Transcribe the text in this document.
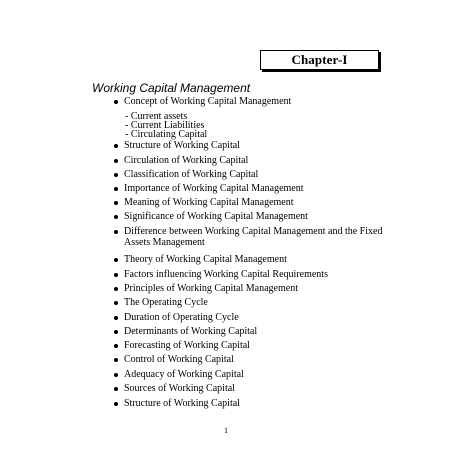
Chapter-I
Working Capital Management
Concept of Working Capital Management
- Current assets
- Current Liabilities
- Circulating Capital
Structure of Working Capital
Circulation of Working Capital
Classification of Working Capital
Importance of Working Capital Management
Meaning of Working Capital Management
Significance of Working Capital Management
Difference between Working Capital Management and the Fixed Assets Management
Theory of Working Capital Management
Factors influencing Working Capital Requirements
Principles of Working Capital Management
The Operating Cycle
Duration of Operating Cycle
Determinants of Working Capital
Forecasting of Working Capital
Control of Working Capital
Adequacy of Working Capital
Sources of Working Capital
Structure of Working Capital
1
